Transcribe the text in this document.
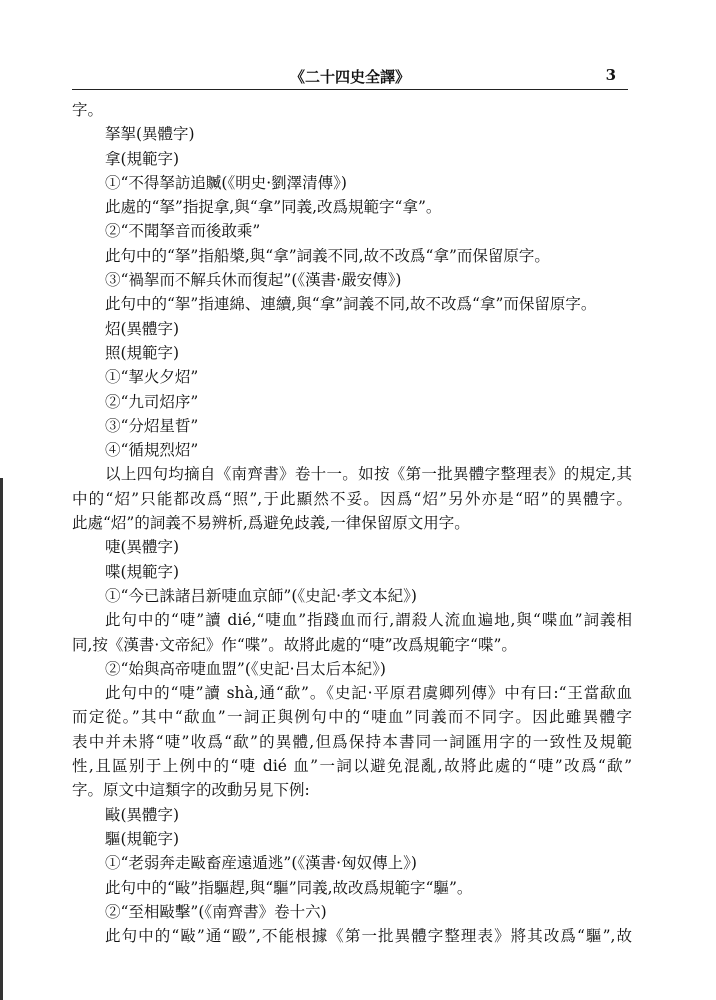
《二十四史全譯》	3
字。
拏挐(異體字)
拿(規範字)
①“不得拏訪追贓(《明史·劉澤清傳》)
此處的“拏”指捉拿,與“拿”同義,改爲規範字“拿”。
②“不聞拏音而後敢乘”
此句中的“拏”指船槳,與“拿”詞義不同,故不改爲“拿”而保留原字。
③“禍挐而不解兵休而復起”(《漢書·嚴安傳》)
此句中的“挐”指連綿、連續,與“拿”詞義不同,故不改爲“拿”而保留原字。
炤(異體字)
照(規範字)
①“挈火夕炤”
②“九司炤序”
③“分炤星晢”
④“循規烈炤”
以上四句均摘自《南齊書》卷十一。如按《第一批異體字整理表》的規定,其
中的“炤”只能都改爲“照”,于此顯然不妥。因爲“炤”另外亦是“昭”的異體字。
此處“炤”的詞義不易辨析,爲避免歧義,一律保留原文用字。
啑(異體字)
喋(規範字)
①“今已誅諸吕新啑血京師”(《史記·孝文本紀》)
此句中的“啑”讀 dié,“啑血”指踐血而行,謂殺人流血遍地,與“喋血”詞義相
同,按《漢書·文帝紀》作“喋”。故將此處的“啑”改爲規範字“喋”。
②“始與高帝啑血盟”(《史記·吕太后本紀》)
此句中的“啑”讀 shà,通“歃”。《史記·平原君虞卿列傳》中有曰:“王當歃血
而定從。”其中“歃血”一詞正與例句中的“啑血”同義而不同字。因此雖異體字
表中并未將“啑”收爲“歃”的異體,但爲保持本書同一詞匯用字的一致性及規範
性,且區别于上例中的“啑 dié 血”一詞以避免混亂,故將此處的“啑”改爲“歃”
字。原文中這類字的改動另見下例:
敺(異體字)
驅(規範字)
①“老弱奔走敺畜産遠遁逃”(《漢書·匈奴傳上》)
此句中的“敺”指驅趕,與“驅”同義,故改爲規範字“驅”。
②“至相敺擊”(《南齊書》卷十六)
此句中的“敺”通“毆”,不能根據《第一批異體字整理表》將其改爲“驅”,故
